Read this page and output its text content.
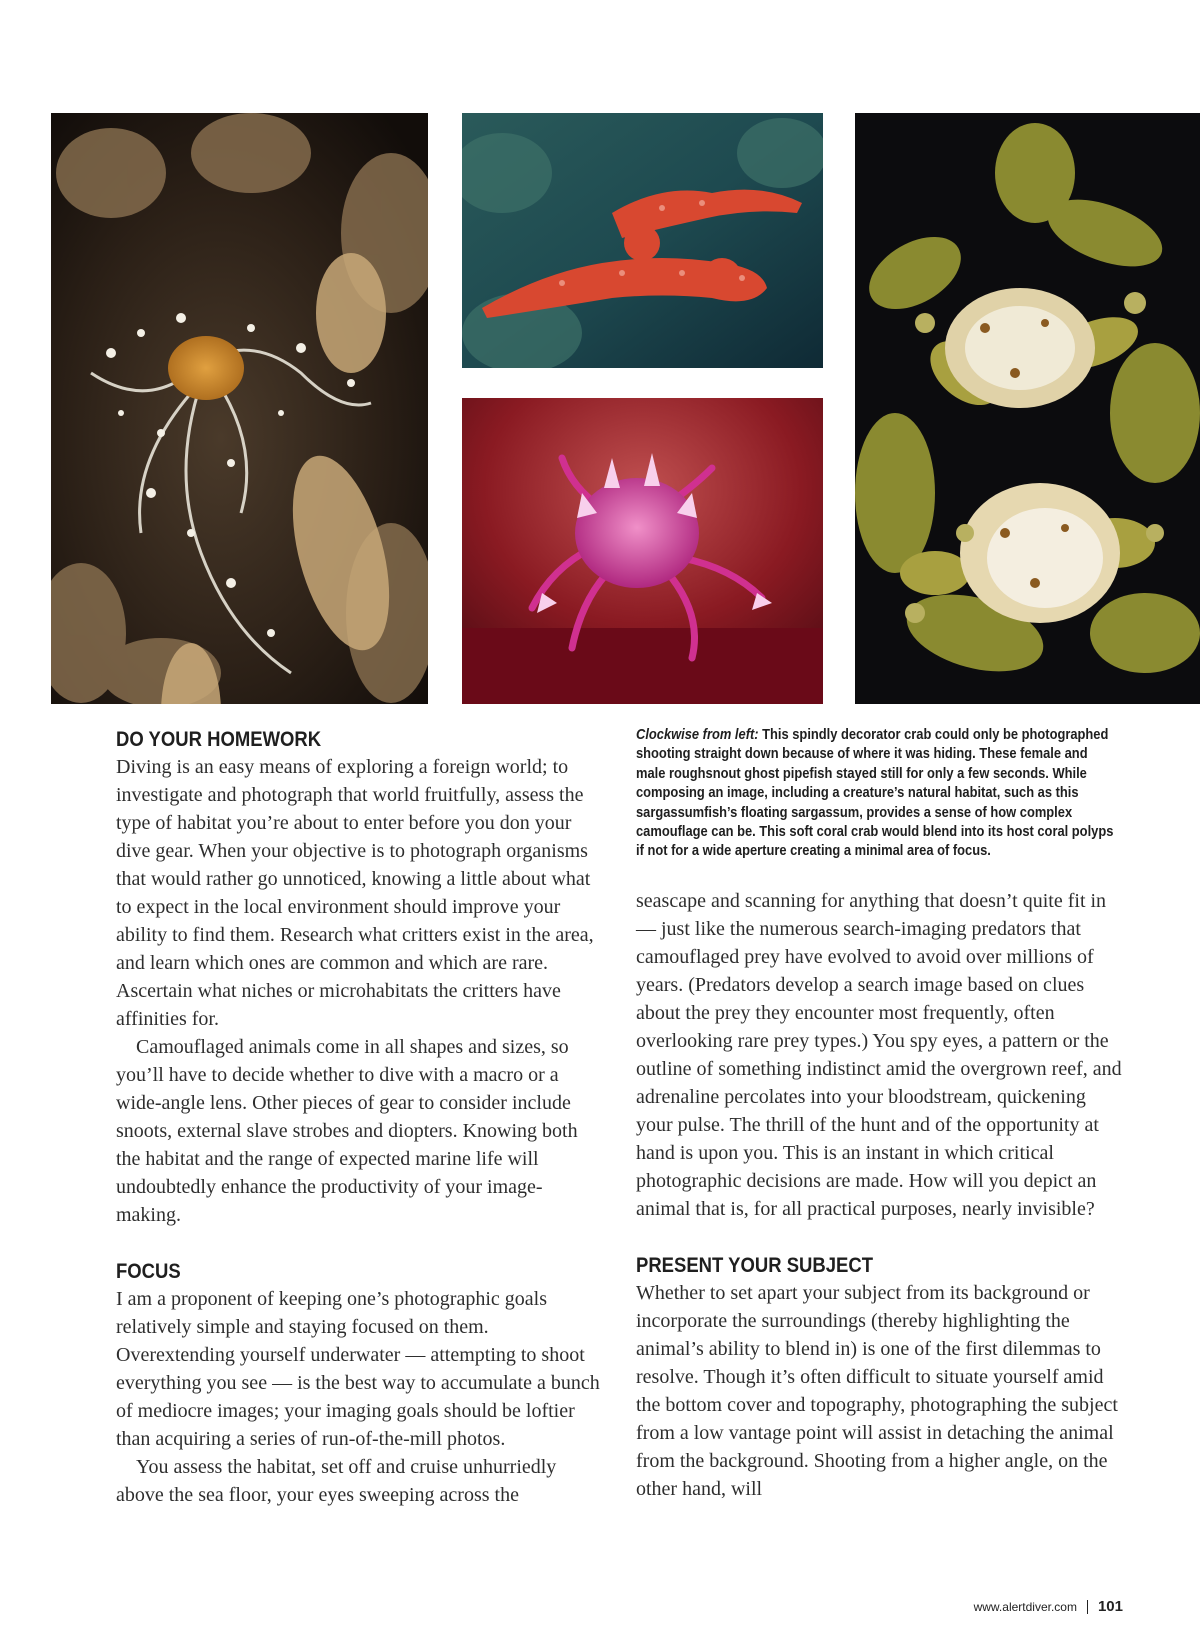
DO YOUR HOMEWORK

Diving is an easy means of exploring a foreign world; to investigate and photograph that world fruitfully, assess the type of habitat you’re about to enter before you don your dive gear. When your objective is to photograph organisms that would rather go unnoticed, knowing a little about what to expect in the local environment should improve your ability to find them. Research what critters exist in the area, and learn which ones are common and which are rare. Ascertain what niches or microhabitats the critters have affinities for.

Camouflaged animals come in all shapes and sizes, so you’ll have to decide whether to dive with a macro or a wide-angle lens. Other pieces of gear to consider include snoots, external slave strobes and diopters. Knowing both the habitat and the range of expected marine life will undoubtedly enhance the productivity of your image-making.

FOCUS

I am a proponent of keeping one’s photographic goals relatively simple and staying focused on them. Overextending yourself underwater — attempting to shoot everything you see — is the best way to accumulate a bunch of mediocre images; your imaging goals should be loftier than acquiring a series of run-of-the-mill photos.

You assess the habitat, set off and cruise unhurriedly above the sea floor, your eyes sweeping across the

Clockwise from left: This spindly decorator crab could only be photographed shooting straight down because of where it was hiding. These female and male roughsnout ghost pipefish stayed still for only a few seconds. While composing an image, including a creature’s natural habitat, such as this sargassumfish’s floating sargassum, provides a sense of how complex camouflage can be. This soft coral crab would blend into its host coral polyps if not for a wide aperture creating a minimal area of focus.

seascape and scanning for anything that doesn’t quite fit in — just like the numerous search-imaging predators that camouflaged prey have evolved to avoid over millions of years. (Predators develop a search image based on clues about the prey they encounter most frequently, often overlooking rare prey types.) You spy eyes, a pattern or the outline of something indistinct amid the overgrown reef, and adrenaline percolates into your bloodstream, quickening your pulse. The thrill of the hunt and of the opportunity at hand is upon you. This is an instant in which critical photographic decisions are made. How will you depict an animal that is, for all practical purposes, nearly invisible?

PRESENT YOUR SUBJECT

Whether to set apart your subject from its background or incorporate the surroundings (thereby highlighting the animal’s ability to blend in) is one of the first dilemmas to resolve. Though it’s often difficult to situate yourself amid the bottom cover and topography, photographing the subject from a low vantage point will assist in detaching the animal from the background. Shooting from a higher angle, on the other hand, will

www.alertdiver.com 101
